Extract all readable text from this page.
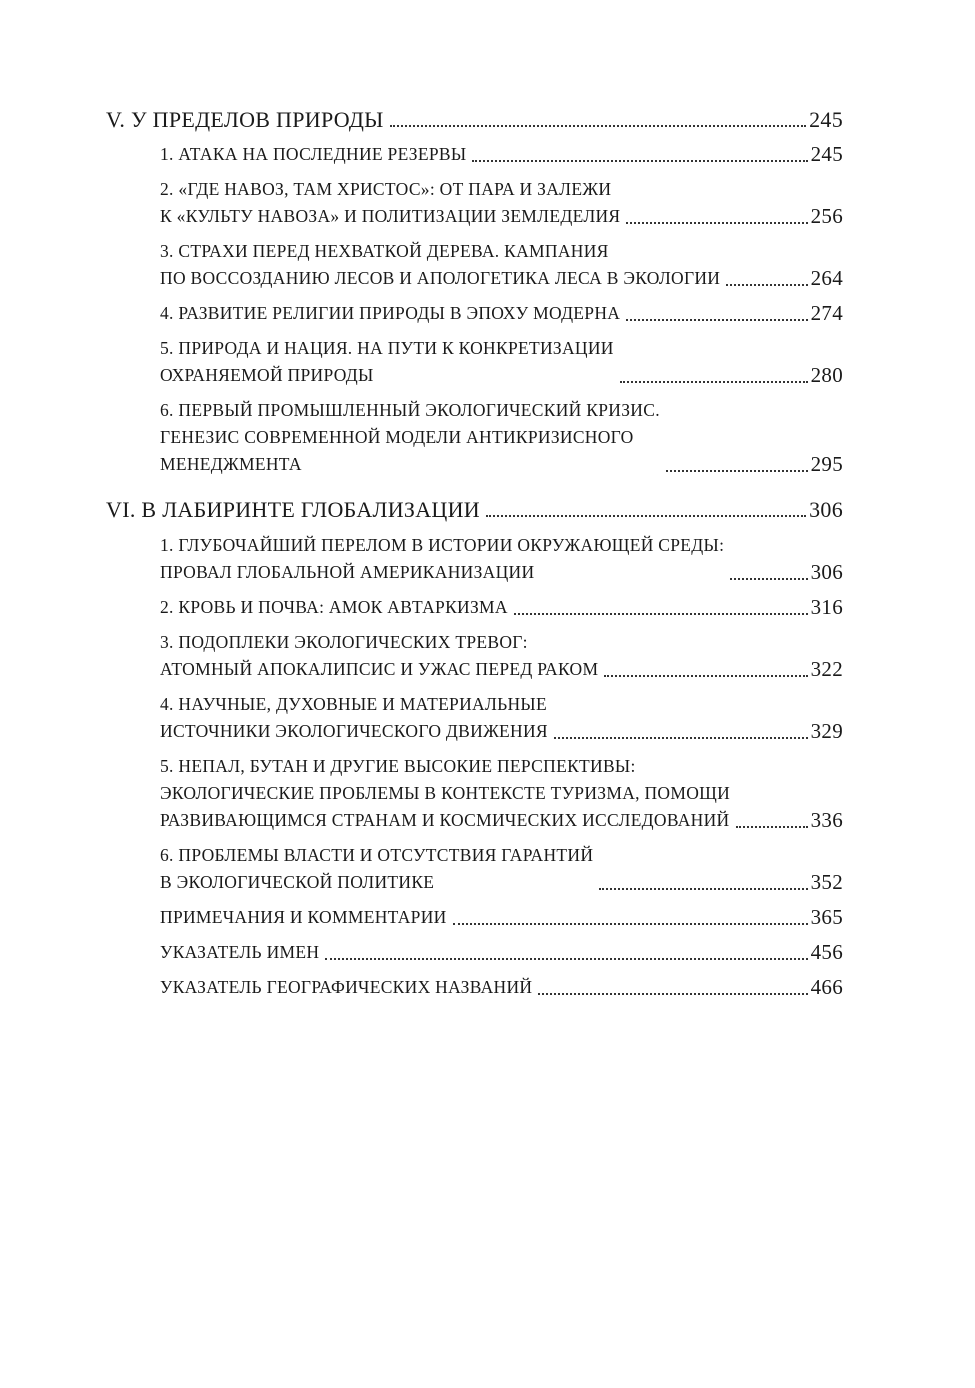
V. У ПРЕДЕЛОВ ПРИРОДЫ	245
1. АТАКА НА ПОСЛЕДНИЕ РЕЗЕРВЫ	245
2. «ГДЕ НАВОЗ, ТАМ ХРИСТОС»: ОТ ПАРА И ЗАЛЕЖИ
К «КУЛЬТУ НАВОЗА» И ПОЛИТИЗАЦИИ ЗЕМЛЕДЕЛИЯ	256
3. СТРАХИ ПЕРЕД НЕХВАТКОЙ ДЕРЕВА. КАМПАНИЯ
ПО ВОССОЗДАНИЮ ЛЕСОВ И АПОЛОГЕТИКА ЛЕСА В ЭКОЛОГИИ	264
4. РАЗВИТИЕ РЕЛИГИИ ПРИРОДЫ В ЭПОХУ МОДЕРНА	274
5. ПРИРОДА И НАЦИЯ. НА ПУТИ К КОНКРЕТИЗАЦИИ
ОХРАНЯЕМОЙ ПРИРОДЫ	280
6. ПЕРВЫЙ ПРОМЫШЛЕННЫЙ ЭКОЛОГИЧЕСКИЙ КРИЗИС.
ГЕНЕЗИС СОВРЕМЕННОЙ МОДЕЛИ АНТИКРИЗИСНОГО
МЕНЕДЖМЕНТА	295
VI. В ЛАБИРИНТЕ ГЛОБАЛИЗАЦИИ	306
1. ГЛУБОЧАЙШИЙ ПЕРЕЛОМ В ИСТОРИИ ОКРУЖАЮЩЕЙ СРЕДЫ:
ПРОВАЛ ГЛОБАЛЬНОЙ АМЕРИКАНИЗАЦИИ	306
2. КРОВЬ И ПОЧВА: АМОК АВТАРКИЗМА	316
3. ПОДОПЛЕКИ ЭКОЛОГИЧЕСКИХ ТРЕВОГ:
АТОМНЫЙ АПОКАЛИПСИС И УЖАС ПЕРЕД РАКОМ	322
4. НАУЧНЫЕ, ДУХОВНЫЕ И МАТЕРИАЛЬНЫЕ
ИСТОЧНИКИ ЭКОЛОГИЧЕСКОГО ДВИЖЕНИЯ	329
5. НЕПАЛ, БУТАН И ДРУГИЕ ВЫСОКИЕ ПЕРСПЕКТИВЫ:
ЭКОЛОГИЧЕСКИЕ ПРОБЛЕМЫ В КОНТЕКСТЕ ТУРИЗМА, ПОМОЩИ
РАЗВИВАЮЩИМСЯ СТРАНАМ И КОСМИЧЕСКИХ ИССЛЕДОВАНИЙ	336
6. ПРОБЛЕМЫ ВЛАСТИ И ОТСУТСТВИЯ ГАРАНТИЙ
В ЭКОЛОГИЧЕСКОЙ ПОЛИТИКЕ	352
ПРИМЕЧАНИЯ И КОММЕНТАРИИ	365
УКАЗАТЕЛЬ ИМЕН	456
УКАЗАТЕЛЬ ГЕОГРАФИЧЕСКИХ НАЗВАНИЙ	466
